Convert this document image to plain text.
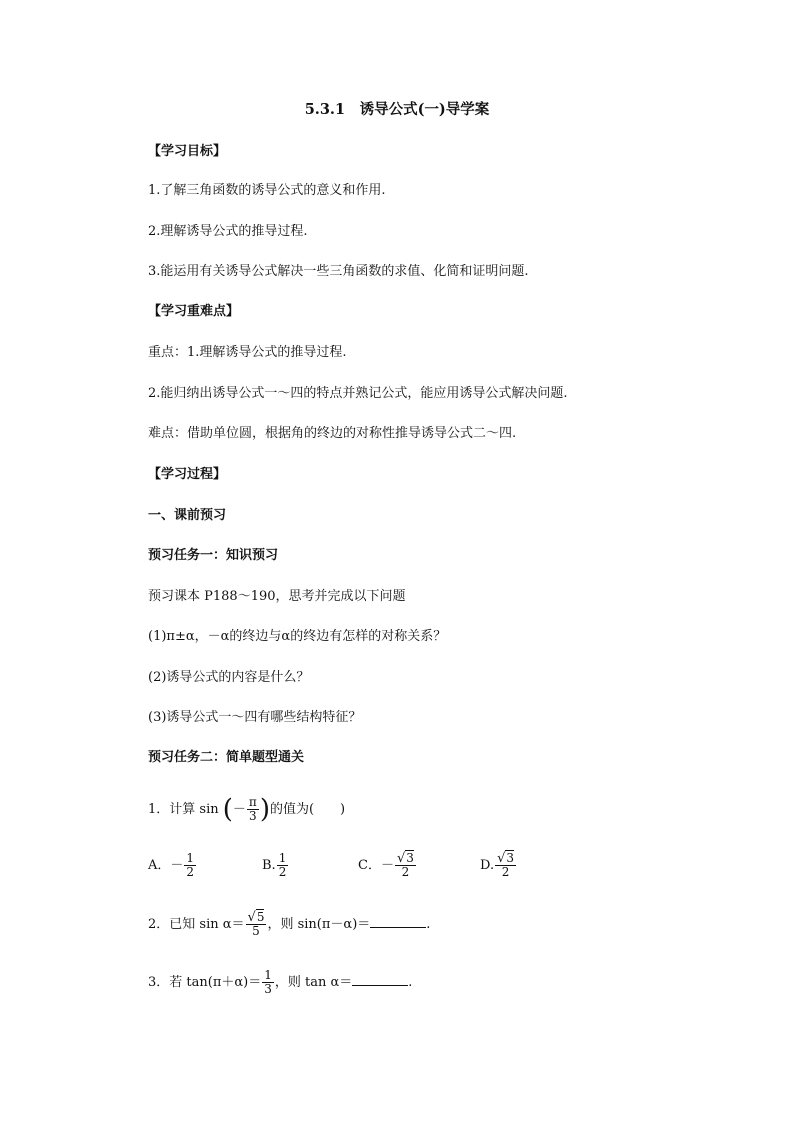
5.3.1　诱导公式(一)导学案
【学习目标】
1.了解三角函数的诱导公式的意义和作用.
2.理解诱导公式的推导过程.
3.能运用有关诱导公式解决一些三角函数的求值、化简和证明问题.
【学习重难点】
重点：1.理解诱导公式的推导过程.
2.能归纳出诱导公式一～四的特点并熟记公式，能应用诱导公式解决问题.
难点：借助单位圆，根据角的终边的对称性推导诱导公式二～四.
【学习过程】
一、课前预习
预习任务一：知识预习
预习课本 P188～190，思考并完成以下问题
(1)π±α，－α的终边与α的终边有怎样的对称关系？
(2)诱导公式的内容是什么？
(3)诱导公式一～四有哪些结构特征？
预习任务二：简单题型通关
1．计算 sin (－ $\frac{\pi}{3}$ )的值为(　　)
A．－ $\frac{1}{2}$	B. $\frac{1}{2}$	C．－ $\frac{√3}{2}$	D. $\frac{√3}{2}$
2．已知 $\sin \alpha= \frac{√5}{5}$ ，则 sin(π－α)＝	.
3．若 $\tan(\pi+\alpha)= \frac{1}{3}$ ，则 tan α＝	.
